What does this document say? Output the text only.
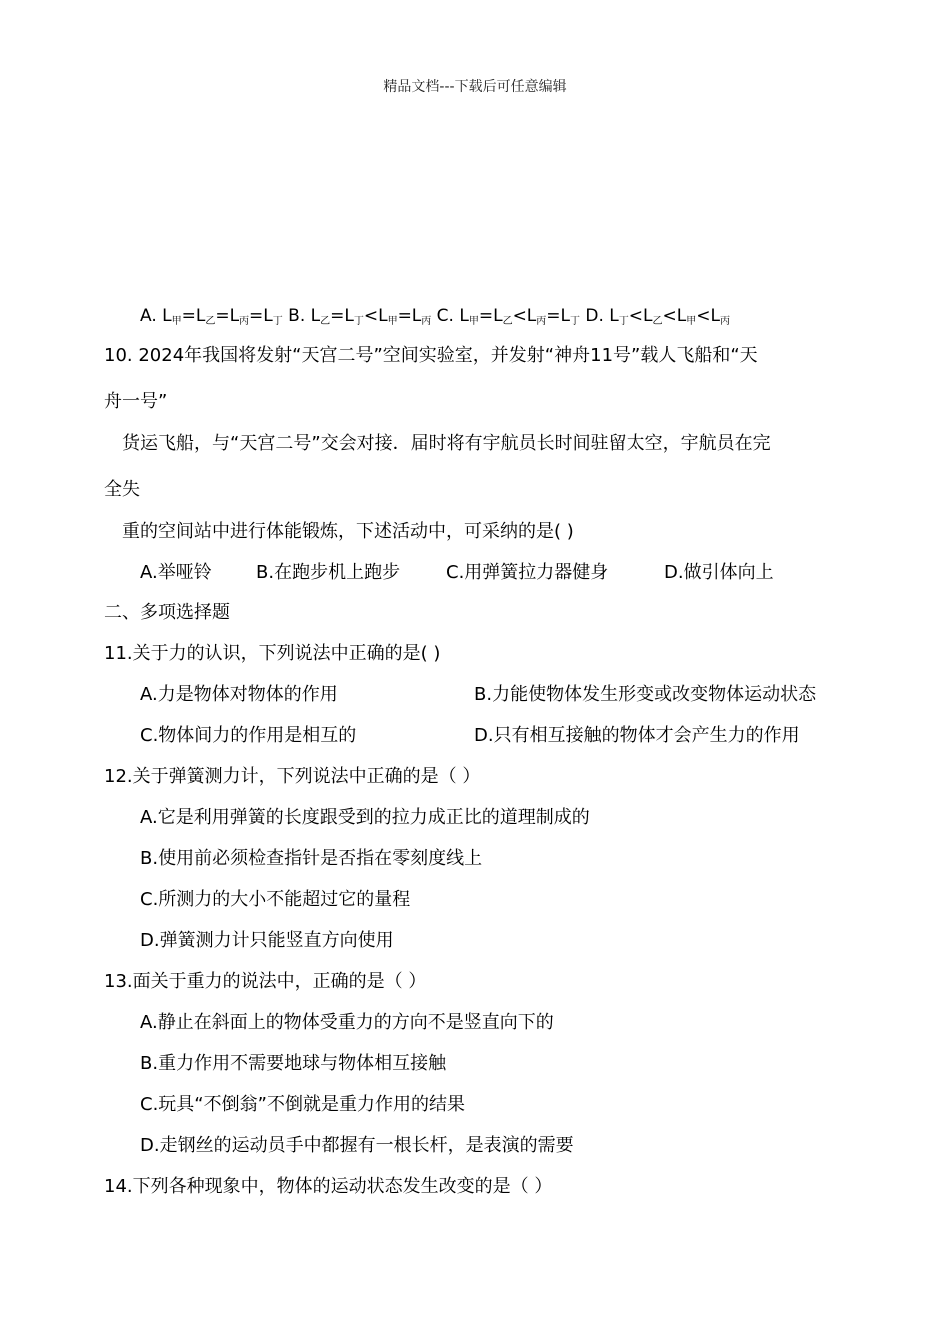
精品文档---下载后可任意编辑
A. $L_甲=L_乙=L_丙=L_丁$ B. $L_乙=L_丁<L_甲=L_丙$ C. $L_甲=L_乙<L_丙=L_丁$ D. $L_丁<L_乙<L_甲<L_丙$
10. 2024年我国将发射“天宫二号”空间实验室，并发射“神舟11号”载人飞船和“天
舟一号”
货运飞船，与“天宫二号”交会对接．届时将有宇航员长时间驻留太空，宇航员在完
全失
重的空间站中进行体能锻炼，下述活动中，可采纳的是( )
A.举哑铃 B.在跑步机上跑步	C.用弹簧拉力器健身	D.做引体向上
二、多项选择题
11.关于力的认识，下列说法中正确的是( )
A.力是物体对物体的作用	B.力能使物体发生形变或改变物体运动状态
C.物体间力的作用是相互的	D.只有相互接触的物体才会产生力的作用
12.关于弹簧测力计，下列说法中正确的是（ ）
A.它是利用弹簧的长度跟受到的拉力成正比的道理制成的
B.使用前必须检查指针是否指在零刻度线上
C.所测力的大小不能超过它的量程
D.弹簧测力计只能竖直方向使用
13.面关于重力的说法中，正确的是（ ）
A.静止在斜面上的物体受重力的方向不是竖直向下的
B.重力作用不需要地球与物体相互接触
C.玩具“不倒翁”不倒就是重力作用的结果
D.走钢丝的运动员手中都握有一根长杆，是表演的需要
14.下列各种现象中，物体的运动状态发生改变的是（ ）
